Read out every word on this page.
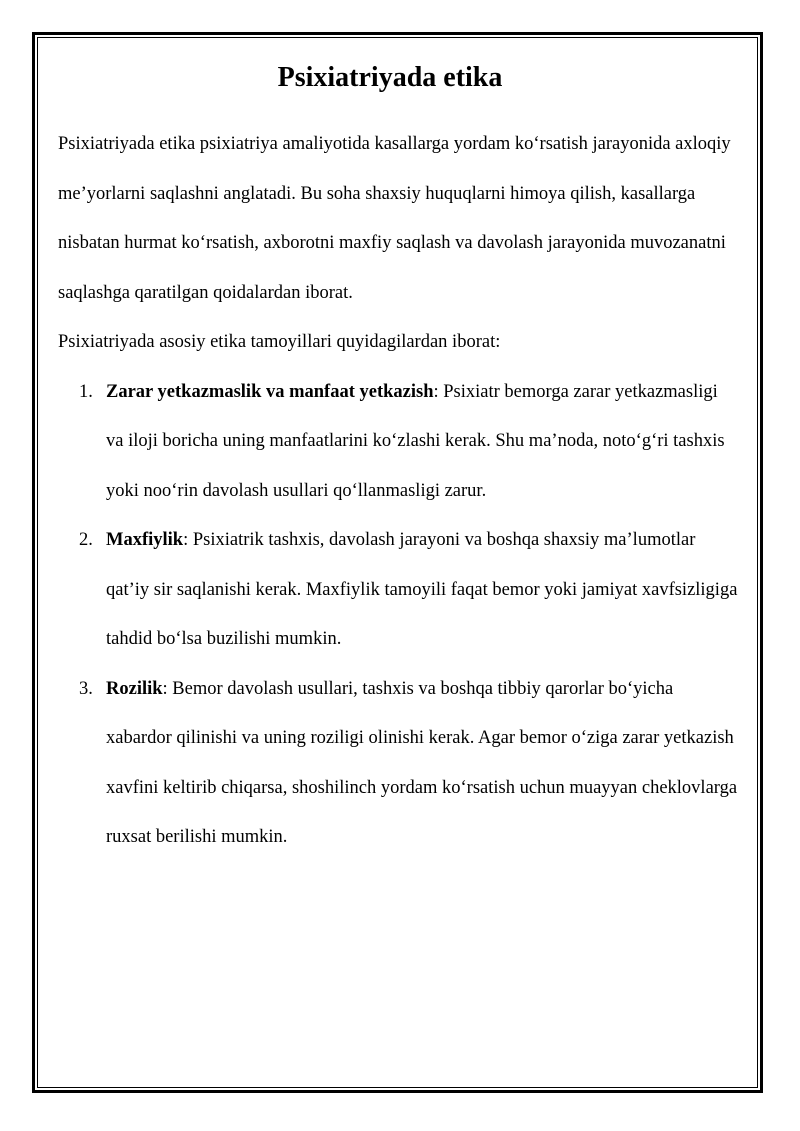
Psixiatriyada etika

Psixiatriyada etika psixiatriya amaliyotida kasallarga yordam ko‘rsatish jarayonida axloqiy me’yorlarni saqlashni anglatadi. Bu soha shaxsiy huquqlarni himoya qilish, kasallarga nisbatan hurmat ko‘rsatish, axborotni maxfiy saqlash va davolash jarayonida muvozanatni saqlashga qaratilgan qoidalardan iborat.

Psixiatriyada asosiy etika tamoyillari quyidagilardan iborat:

1. Zarar yetkazmaslik va manfaat yetkazish: Psixiatr bemorga zarar yetkazmasligi va iloji boricha uning manfaatlarini ko‘zlashi kerak. Shu ma’noda, noto‘g‘ri tashxis yoki noo‘rin davolash usullari qo‘llanmasligi zarur.
2. Maxfiylik: Psixiatrik tashxis, davolash jarayoni va boshqa shaxsiy ma’lumotlar qat’iy sir saqlanishi kerak. Maxfiylik tamoyili faqat bemor yoki jamiyat xavfsizligiga tahdid bo‘lsa buzilishi mumkin.
3. Rozilik: Bemor davolash usullari, tashxis va boshqa tibbiy qarorlar bo‘yicha xabardor qilinishi va uning roziligi olinishi kerak. Agar bemor o‘ziga zarar yetkazish xavfini keltirib chiqarsa, shoshilinch yordam ko‘rsatish uchun muayyan cheklovlarga ruxsat berilishi mumkin.
